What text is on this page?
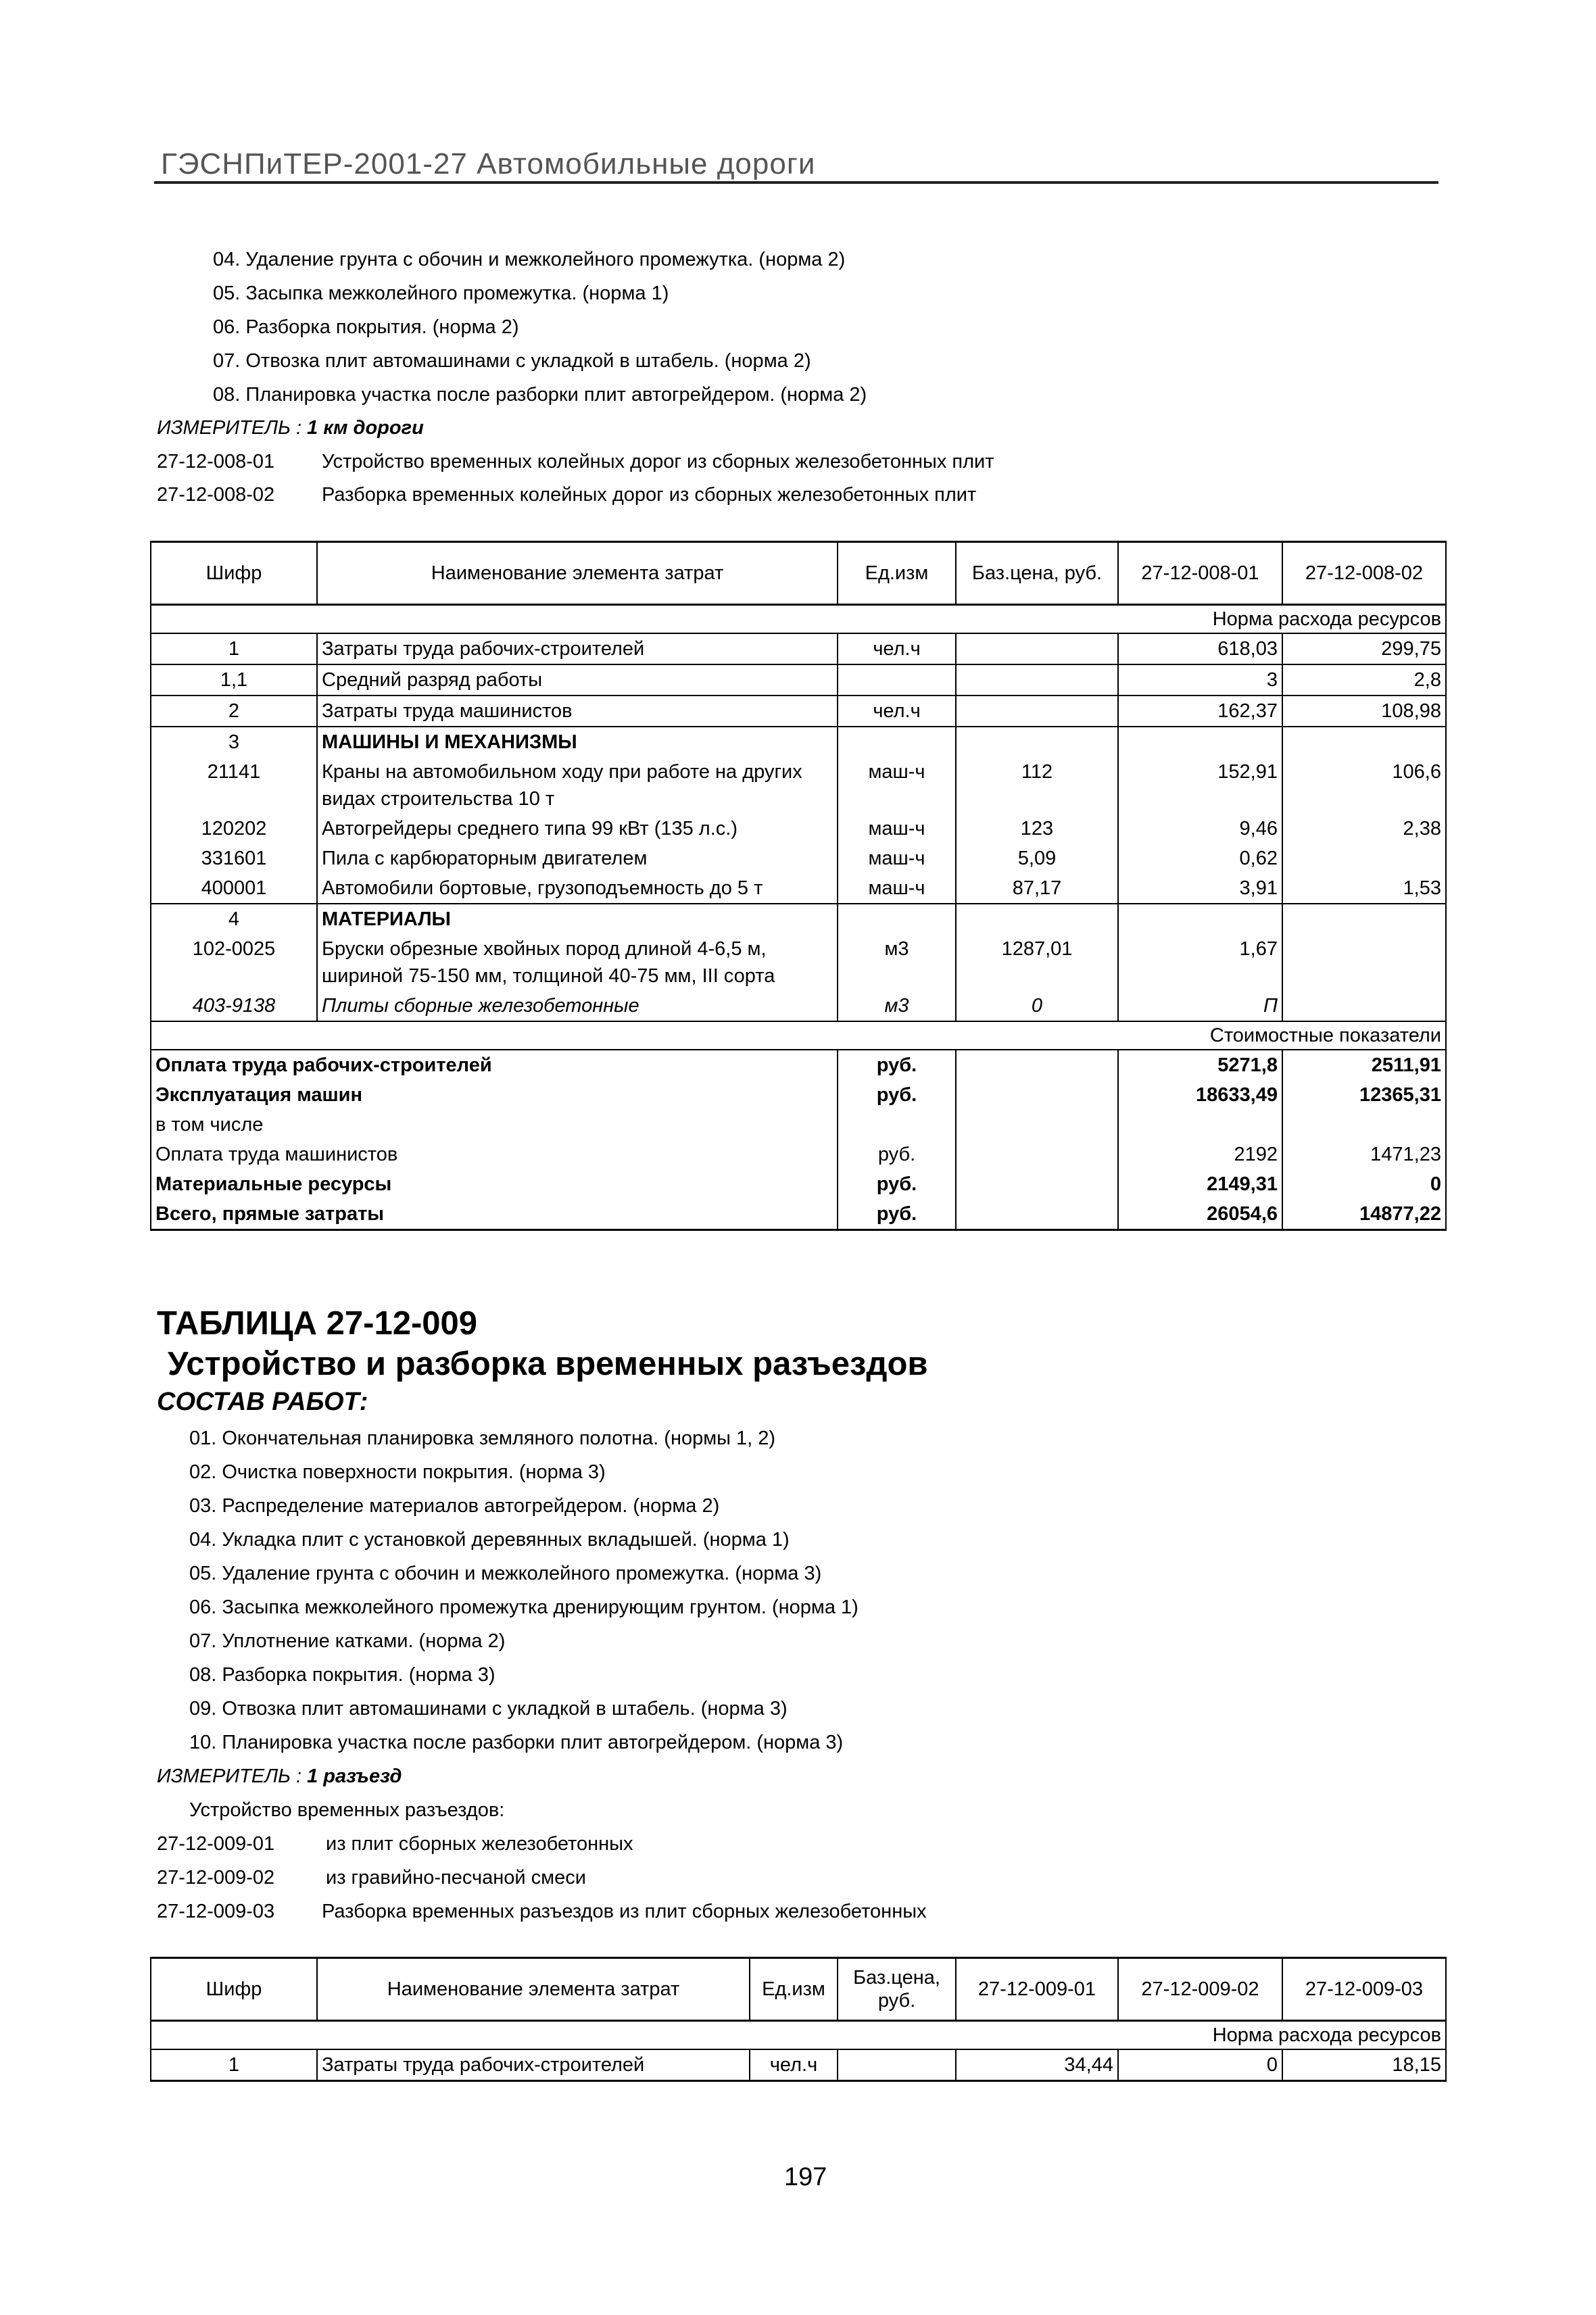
ГЭСНПиТЕР-2001-27 Автомобильные дороги
04. Удаление грунта с обочин и межколейного промежутка. (норма 2)
05. Засыпка межколейного промежутка. (норма 1)
06. Разборка покрытия. (норма 2)
07. Отвозка плит автомашинами с укладкой в штабель. (норма 2)
08. Планировка участка после разборки плит автогрейдером. (норма 2)
ИЗМЕРИТЕЛЬ : 1 км дороги
27-12-008-01 Устройство временных колейных дорог из сборных железобетонных плит
27-12-008-02 Разборка временных колейных дорог из сборных железобетонных плит
Шифр	Наименование элемента затрат	Ед.изм	Баз.цена, руб.	27-12-008-01	27-12-008-02
Норма расхода ресурсов					
1	Затраты труда рабочих-строителей	чел.ч		618,03	299,75
1,1	Средний разряд работы			3	2,8
2	Затраты труда машинистов	чел.ч		162,37	108,98
3	МАШИНЫ И МЕХАНИЗМЫ				
21141	Краны на автомобильном ходу при работе на других видах строительства 10 т	маш-ч	112	152,91	106,6
120202	Автогрейдеры среднего типа 99 кВт (135 л.с.)	маш-ч	123	9,46	2,38
331601	Пила с карбюраторным двигателем	маш-ч	5,09	0,62	
400001	Автомобили бортовые, грузоподъемность до 5 т	маш-ч	87,17	3,91	1,53
4	МАТЕРИАЛЫ				
102-0025	Бруски обрезные хвойных пород длиной 4-6,5 м, шириной 75-150 мм, толщиной 40-75 мм, III сорта	м3	1287,01	1,67	
403-9138	Плиты сборные железобетонные	м3	0	П	
Стоимостные показатели					
Оплата труда рабочих-строителей		руб.		5271,8	2511,91
Эксплуатация машин		руб.		18633,49	12365,31
в том числе					
Оплата труда машинистов		руб.		2192	1471,23
Материальные ресурсы		руб.		2149,31	0
Всего, прямые затраты		руб.		26054,6	14877,22
ТАБЛИЦА 27-12-009
Устройство и разборка временных разъездов
СОСТАВ РАБОТ:
01. Окончательная планировка земляного полотна. (нормы 1, 2)
02. Очистка поверхности покрытия. (норма 3)
03. Распределение материалов автогрейдером. (норма 2)
04. Укладка плит с установкой деревянных вкладышей. (норма 1)
05. Удаление грунта с обочин и межколейного промежутка. (норма 3)
06. Засыпка межколейного промежутка дренирующим грунтом. (норма 1)
07. Уплотнение катками. (норма 2)
08. Разборка покрытия. (норма 3)
09. Отвозка плит автомашинами с укладкой в штабель. (норма 3)
10. Планировка участка после разборки плит автогрейдером. (норма 3)
ИЗМЕРИТЕЛЬ : 1 разъезд
Устройство временных разъездов:
27-12-009-01	из плит сборных железобетонных
27-12-009-02	из гравийно-песчаной смеси
27-12-009-03 Разборка временных разъездов из плит сборных железобетонных
Шифр	Наименование элемента затрат	Ед.изм	Баз.цена, руб.	27-12-009-01	27-12-009-02	27-12-009-03
Норма расхода ресурсов						
1	Затраты труда рабочих-строителей	чел.ч		34,44	0	18,15
197
